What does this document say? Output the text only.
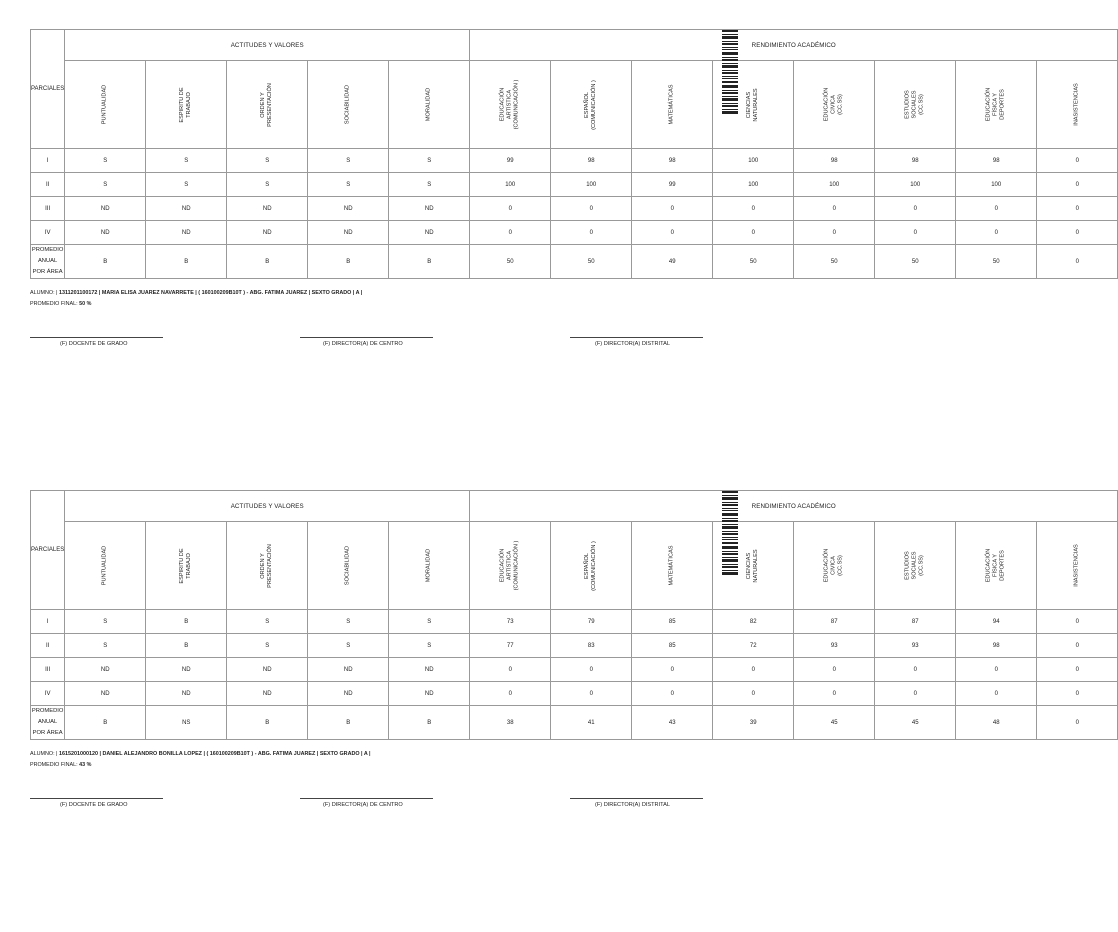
PARCIALES	ACTITUDES Y VALORES					RENDIMIENTO ACADÉMICO							
	PUNTUALIDAD	ESPIRITU DE
TRABAJO	ORDEN Y
PRESENTACIÓN	SOCIABILIDAD	MORALIDAD	EDUCACIÓN
ARTÍSTICA
(COMUNICACIÓN )	ESPAÑOL
(COMUNICACIÓN )	MATEMÁTICAS	CIENCIAS
NATURALES	EDUCACIÓN
CIVICA
(CC.SS)	ESTUDIOS
SOCIALES
(CC.SS)	EDUCACIÓN
FÍSICA Y
DEPORTES	INASISTENCIAS
I	S	S	S	S	S	99	98	98	100	98	98	98	0
II	S	S	S	S	S	100	100	99	100	100	100	100	0
III	ND	ND	ND	ND	ND	0	0	0	0	0	0	0	0
IV	ND	ND	ND	ND	ND	0	0	0	0	0	0	0	0
PROMEDIO ANUAL POR ÁREA	B	B	B	B	B	50	50	49	50	50	50	50	0
ALUMNO: | 1311201100172 | MARIA ELISA JUAREZ NAVARRETE | ( 160100209B10T ) - ABG. FATIMA JUAREZ | SEXTO GRADO | A |
PROMEDIO FINAL: 50 %
(F) DOCENTE DE GRADO	(F) DIRECTOR(A) DE CENTRO	(F) DIRECTOR(A) DISTRITAL
PARCIALES	ACTITUDES Y VALORES					RENDIMIENTO ACADÉMICO							
	PUNTUALIDAD	ESPIRITU DE
TRABAJO	ORDEN Y
PRESENTACIÓN	SOCIABILIDAD	MORALIDAD	EDUCACIÓN
ARTÍSTICA
(COMUNICACIÓN )	ESPAÑOL
(COMUNICACIÓN )	MATEMÁTICAS	CIENCIAS
NATURALES	EDUCACIÓN
CIVICA
(CC.SS)	ESTUDIOS
SOCIALES
(CC.SS)	EDUCACIÓN
FÍSICA Y
DEPORTES	INASISTENCIAS
I	S	B	S	S	S	73	79	85	82	87	87	94	0
II	S	B	S	S	S	77	83	85	72	93	93	98	0
III	ND	ND	ND	ND	ND	0	0	0	0	0	0	0	0
IV	ND	ND	ND	ND	ND	0	0	0	0	0	0	0	0
PROMEDIO ANUAL POR ÁREA	B	NS	B	B	B	38	41	43	39	45	45	48	0
ALUMNO: | 1615201000120 | DANIEL ALEJANDRO BONILLA LOPEZ | ( 160100209B10T ) - ABG. FATIMA JUAREZ | SEXTO GRADO | A |
PROMEDIO FINAL: 43 %
(F) DOCENTE DE GRADO	(F) DIRECTOR(A) DE CENTRO	(F) DIRECTOR(A) DISTRITAL
